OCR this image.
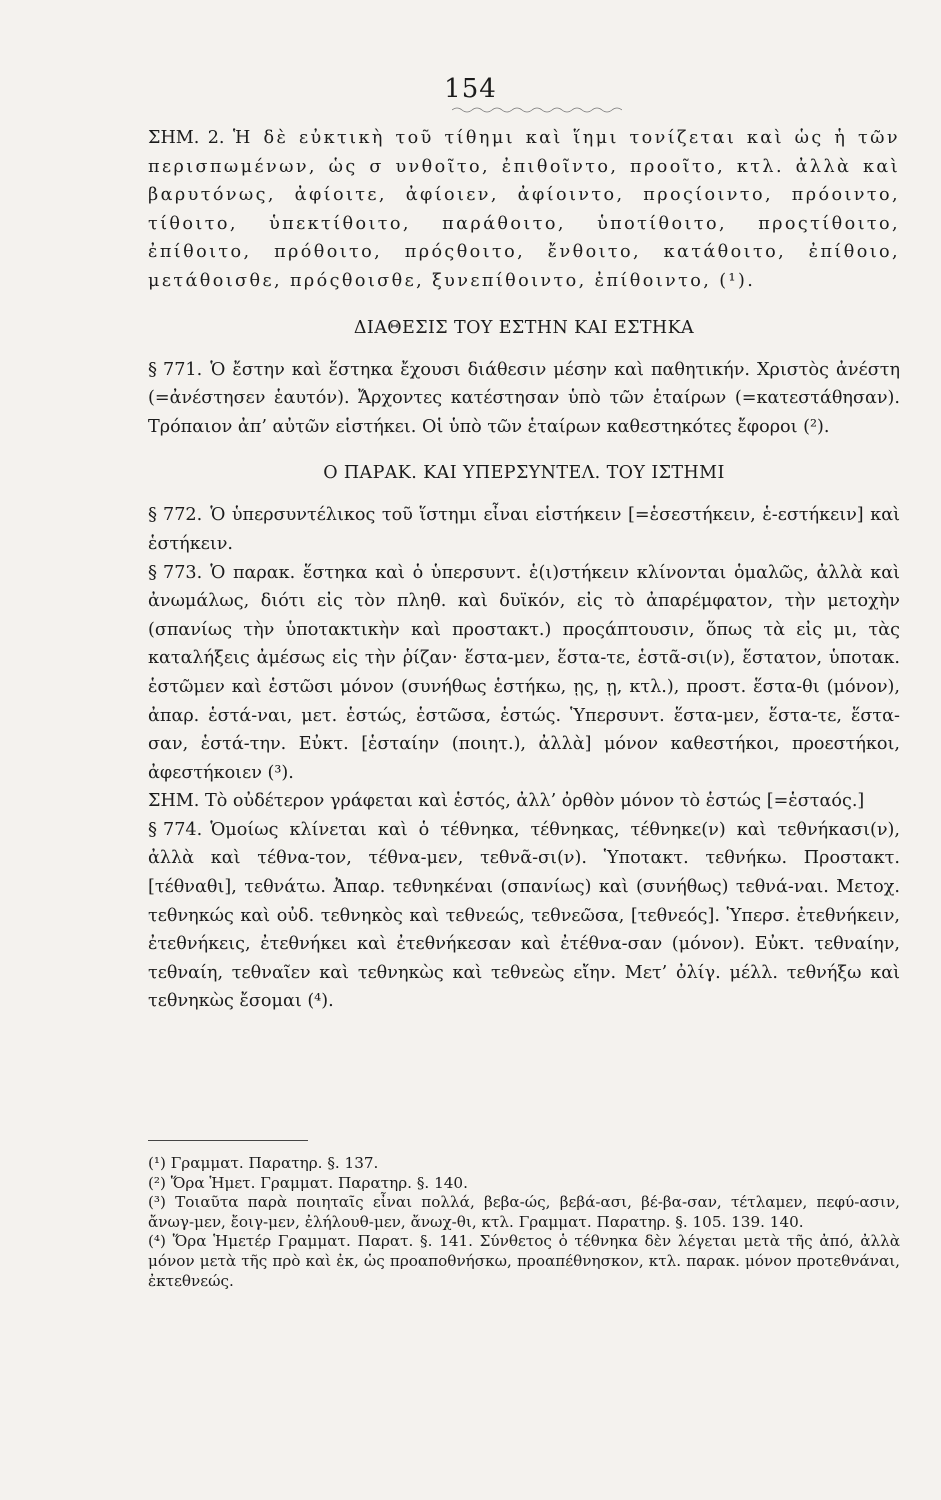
154

ΣΗΜ. 2. Ἡ δὲ εὐκτικὴ τοῦ τίθημι καὶ ἵημι τονίζεται καὶ ὡς ἡ τῶν περισπωμένων, ὡς σ υνθοῖτο, ἐπιθοῖντο, προοῖτο, κτλ. ἀλλὰ καὶ βαρυτόνως, ἀφίοιτε, ἀφίοιεν, ἀφίοιντο, προςίοιντο, πρόοιντο, τίθοιτο, ὑπεκτίθοιτο, παράθοιτο, ὑποτίθοιτο, προςτίθοιτο, ἐπίθοιτο, πρόθοιτο, πρόςθοιτο, ἔνθοιτο, κατάθοιτο, ἐπίθοιο, μετάθοισθε, πρόςθοισθε, ξυνεπίθοιντο, ἐπίθοιντο, (¹).

ΔΙΑΘΕΣΙΣ ΤΟΥ ΕΣΤΗΝ ΚΑΙ ΕΣΤΗΚΑ

§ 771. Ὁ ἔστην καὶ ἕστηκα ἔχουσι διάθεσιν μέσην καὶ παθητικήν. Χριστὸς ἀνέστη (=ἀνέστησεν ἑαυτόν). Ἄρχοντες κατέστησαν ὑπὸ τῶν ἑταίρων (=κατεστάθησαν). Τρόπαιον ἀπ’ αὐτῶν εἱστήκει. Οἱ ὑπὸ τῶν ἑταίρων καθεστηκότες ἔφοροι (²).

Ο ΠΑΡΑΚ. ΚΑΙ ΥΠΕΡΣΥΝΤΕΛ. ΤΟΥ ΙΣΤΗΜΙ

§ 772. Ὁ ὑπερσυντέλικος τοῦ ἵστημι εἶναι εἱστήκειν [=ἑσεστήκειν, ἑ-εστήκειν] καὶ ἑστήκειν.

§ 773. Ὁ παρακ. ἕστηκα καὶ ὁ ὑπερσυντ. ἑ(ι)στήκειν κλίνονται ὁμαλῶς, ἀλλὰ καὶ ἀνωμάλως, διότι εἰς τὸν πληθ. καὶ δυϊκόν, εἰς τὸ ἀπαρέμφατον, τὴν μετοχὴν (σπανίως τὴν ὑποτακτικὴν καὶ προστακτ.) προςάπτουσιν, ὅπως τὰ εἰς μι, τὰς καταλήξεις ἀμέσως εἰς τὴν ῥίζαν· ἕστα-μεν, ἕστα-τε, ἑστᾶ-σι(ν), ἕστατον, ὑποτακ. ἑστῶμεν καὶ ἑστῶσι μόνον (συνήθως ἑστήκω, ῃς, ῃ, κτλ.), προστ. ἕστα-θι (μόνον), ἀπαρ. ἑστά-ναι, μετ. ἑστώς, ἑστῶσα, ἑστώς. Ὑπερσυντ. ἕστα-μεν, ἕστα-τε, ἕστα-σαν, ἑστά-την. Εὐκτ. [ἑσταίην (ποιητ.), ἀλλὰ] μόνον καθεστήκοι, προεστήκοι, ἀφεστήκοιεν (³).

ΣΗΜ. Τὸ οὐδέτερον γράφεται καὶ ἑστός, ἀλλ’ ὀρθὸν μόνον τὸ ἑστώς [=ἑσταός.]

§ 774. Ὁμοίως κλίνεται καὶ ὁ τέθνηκα, τέθνηκας, τέθνηκε(ν) καὶ τεθνήκασι(ν), ἀλλὰ καὶ τέθνα-τον, τέθνα-μεν, τεθνᾶ-σι(ν). Ὑποτακτ. τεθνήκω. Προστακτ. [τέθναθι], τεθνάτω. Ἀπαρ. τεθνηκέναι (σπανίως) καὶ (συνήθως) τεθνά-ναι. Μετοχ. τεθνηκώς καὶ οὐδ. τεθνηκὸς καὶ τεθνεώς, τεθνεῶσα, [τεθνεός]. Ὑπερσ. ἐτεθνήκειν, ἐτεθνήκεις, ἐτεθνήκει καὶ ἐτεθνήκεσαν καὶ ἐτέθνα-σαν (μόνον). Εὐκτ. τεθναίην, τεθναίη, τεθναῖεν καὶ τεθνηκὼς καὶ τεθνεὼς εἴην. Μετ’ ὀλίγ. μέλλ. τεθνήξω καὶ τεθνηκὼς ἔσομαι (⁴).

(¹) Γραμματ. Παρατηρ. §. 137.

(²) Ὅρα Ἡμετ. Γραμματ. Παρατηρ. §. 140.

(³) Τοιαῦτα παρὰ ποιηταῖς εἶναι πολλά, βεβα-ώς, βεβά-ασι, βέ-βα-σαν, τέτλαμεν, πεφύ-ασιν, ἄνωγ-μεν, ἔοιγ-μεν, ἐλήλουθ-μεν, ἄνωχ-θι, κτλ. Γραμματ. Παρατηρ. §. 105. 139. 140.

(⁴) Ὅρα Ἡμετέρ Γραμματ. Παρατ. §. 141. Σύνθετος ὁ τέθνηκα δὲν λέγεται μετὰ τῆς ἀπό, ἀλλὰ μόνον μετὰ τῆς πρὸ καὶ ἐκ, ὡς προαποθνήσκω, προαπέθνησκον, κτλ. παρακ. μόνον προτεθνάναι, ἐκτεθνεώς.
